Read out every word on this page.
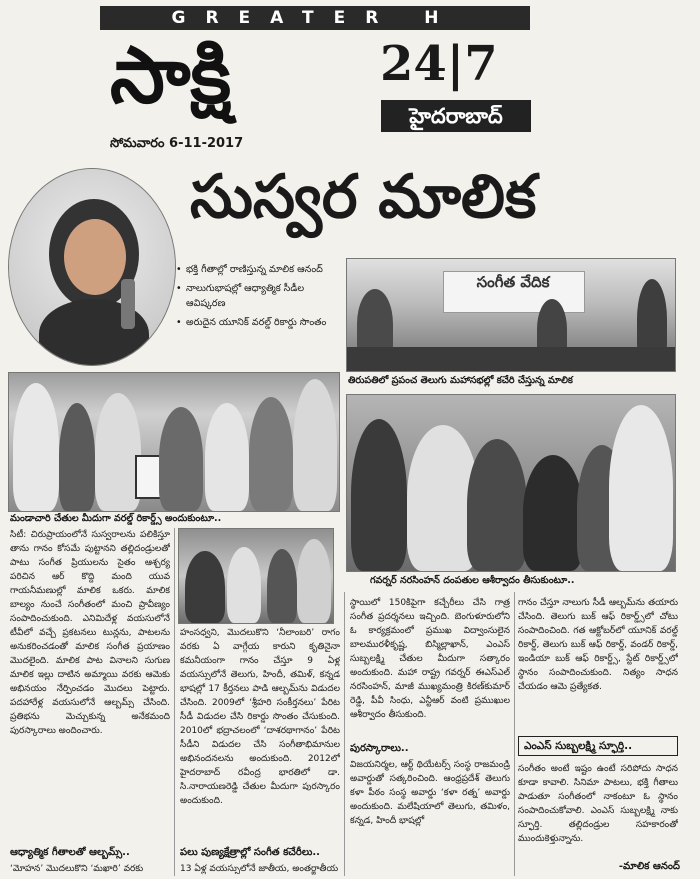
GREATER H
సాక్షి	24|7
హైదరాబాద్
సోమవారం 6-11-2017
సుస్వర మాలిక
• భక్తి గీతాల్లో రాణిస్తున్న మాలిక ఆనంద్
• నాలుగుభాషల్లో ఆధ్యాత్మిక సీడీల ఆవిష్కరణ
• అరుదైన యూనిక్ వరల్డ్ రికార్డు సొంతం
సంగీత వేదిక
తిరుపతిలో ప్రపంచ తెలుగు మహాసభల్లో కచేరి చేస్తున్న మాలిక
మండాచారి చేతుల మీదుగా వరల్డ్ రికార్డ్స్ అందుకుంటూ..
గవర్నర్ నరసింహన్ దంపతుల ఆశీర్వాదం తీసుకుంటూ..

సిటీ: చిరుప్రాయంలోనే సుస్వరాలను పలికిస్తూ తాను గానం కోసమే పుట్టానని తల్లిదండ్రులతో పాటు సంగీత ప్రియులను సైతం ఆశ్చర్య పరిచిన ఆర్ కొద్ది మంది యువ గాయనీమణుల్లో మాలిక ఒకరు. మాలిక బాల్యం నుంచే సంగీతంలో మంచి ప్రావీణ్యం సంపాదించుకుంది. ఎనిమిదేళ్ల వయసులోనే టీవీలో వచ్చే ప్రకటనలు టున్లను, పాటలను అనుకరించడంతో మాలిక సంగీత ప్రయాణం మొదలైంది. మాలిక పాట వినాలని సుగుణ మాలిక ఇల్లు దాటిన అమ్మాయి వరకు ఆమెకు అభినయం నేర్పించడం మొదలు పెట్టారు. పదహారేళ్ల వయసులోనే ఆల్బమ్స్ చేసింది. ప్రతిభను మెచ్చుకున్న అనేకమంది పురస్కారాలు అందించారు.

ఆధ్యాత్మిక గీతాలతో ఆల్బమ్స్..
‘మోహన’ మొదలుకొని ‘మఖారి’ వరకు

హంసధ్వని, మొదలుకొని ‘నీలాంబరి’ రాగం వరకు ఏ వాగ్గేయ కారుని కృతినైనా కమనీయంగా గానం చేస్తూ 9 ఏళ్ల వయస్సులోనే తెలుగు, హిందీ, తమిళ్, కన్నడ భాషల్లో 17 కీర్తనలు పాడి ఆల్బమ్‌ను విడుదల చేసింది. 2009లో ‘శ్రీహరి సంకీర్తనలు’ పేరిట సీడీ విడుదల చేసి రికార్డు సొంతం చేసుకుంది. 2010లో భద్రాచలంలో ‘దాశరథాగానం’ పేరిట సీడీని విడుదల చేసి సంగీతాభిమానుల అభినందనలను అందుకుంది. 2012లో హైదరాబాద్ రవీంద్ర భారతిలో డా. సి.నారాయణరెడ్డి చేతుల మీదుగా పురస్కారం అందుకుంది.

పలు పుణ్యక్షేత్రాల్లో సంగీత కచేరీలు..
13 ఏళ్ల వయస్సులోనే జాతీయ, అంతర్జాతీయ

స్థాయిలో 150కిపైగా కచ్చేరీలు చేసి గాత్ర సంగీత ప్రదర్శనలు ఇచ్చింది. బెంగుళూరులోని ఓ కార్యక్రమంలో ప్రముఖ విద్వాంసులైన బాలమురళీకృష్ణ, బిస్మిల్లాఖాన్, ఎంఎస్ సుబ్బలక్ష్మి చేతుల మీదుగా సత్కారం అందుకుంది. మహా రాష్ట్ర గవర్నర్ ఈఎస్ఎల్ నరసింహన్, మాజీ ముఖ్యమంత్రి కిరణ్‌కుమార్ రెడ్డి, పీవీ సింధు, ఎన్టీఆర్ వంటి ప్రముఖుల ఆశీర్వాదం తీసుకుంది.

పురస్కారాలు..

విజయనిర్మల, ఆర్ట్ థియేటర్స్ సంస్థ రాజమండ్రి అవార్డుతో సత్కరించింది. ఆంధ్రప్రదేశ్ తెలుగు కళా పీఠం సంస్థ అవార్డు ‘కళా రత్న’ అవార్డు అందుకుంది. మలేషియాలో తెలుగు, తమిళం, కన్నడ, హిందీ భాషల్లో

గానం చేస్తూ నాలుగు సీడీ ఆల్బమ్‌ను తయారు చేసింది. తెలుగు బుక్ ఆఫ్ రికార్డ్స్‌లో చోటు సంపాదించింది. గత ఆక్టోబర్‌లో యూనిక్ వరల్డ్ రికార్డ్, తెలుగు బుక్ ఆఫ్ రికార్డ్, వండర్ రికార్డ్, ఇండియా బుక్ ఆఫ్ రికార్డ్స్, స్టేట్ రికార్డ్స్‌లో స్థానం సంపాదించుకుంది. నిత్యం సాధన చేయడం ఆమె ప్రత్యేకత.

ఎంఎస్ సుబ్బలక్ష్మి స్ఫూర్తి..

సంగీతం అంటే ఇష్టం ఉంటే సరిపోదు సాధన కూడా కావాలి. సినిమా పాటలు, భక్తి గీతాలు పాడుతూ సంగీతంలో నాకంటూ ఓ స్థానం సంపాదించుకోవాలి. ఎంఎస్ సుబ్బలక్ష్మి నాకు స్ఫూర్తి. తల్లిదండ్రుల సహకారంతో ముందుకెళ్తున్నాను.

-మాలిక ఆనంద్
